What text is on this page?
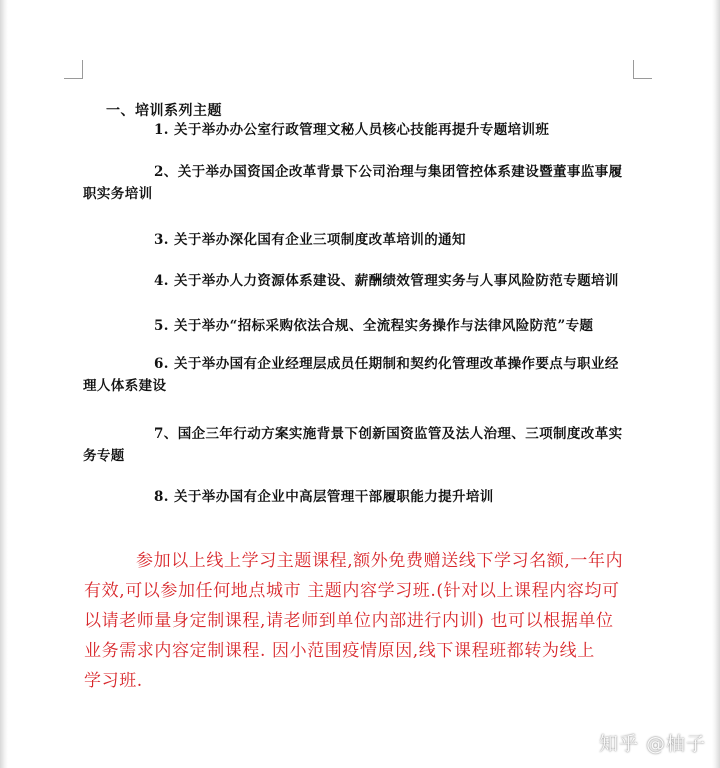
一、培训系列主题
1. 关于举办办公室行政管理文秘人员核心技能再提升专题培训班
2、关于举办国资国企改革背景下公司治理与集团管控体系建设暨董事监事履
职实务培训
3. 关于举办深化国有企业三项制度改革培训的通知
4. 关于举办人力资源体系建设、薪酬绩效管理实务与人事风险防范专题培训
5. 关于举办“招标采购依法合规、全流程实务操作与法律风险防范”专题
6. 关于举办国有企业经理层成员任期制和契约化管理改革操作要点与职业经
理人体系建设
7、国企三年行动方案实施背景下创新国资监管及法人治理、三项制度改革实
务专题
8. 关于举办国有企业中高层管理干部履职能力提升培训
参加以上线上学习主题课程,额外免费赠送线下学习名额,一年内
有效,可以参加任何地点城市 主题内容学习班.(针对以上课程内容均可
以请老师量身定制课程,请老师到单位内部进行内训) 也可以根据单位
业务需求内容定制课程. 因小范围疫情原因,线下课程班都转为线上
学习班.
知乎 @柚子
